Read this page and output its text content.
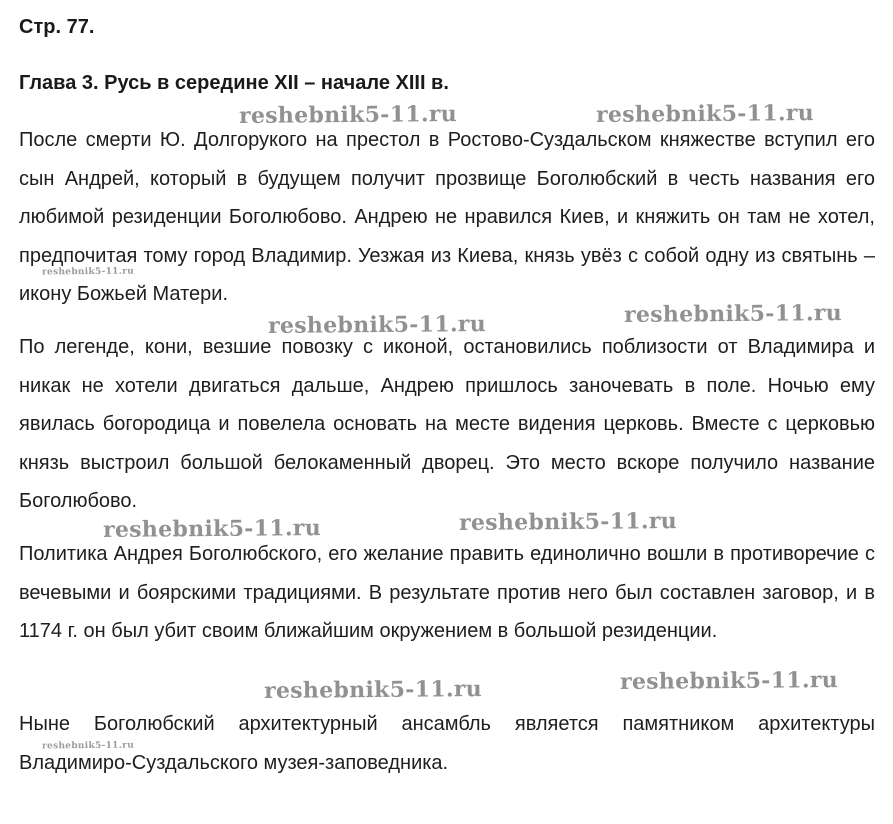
Стр. 77.

Глава 3. Русь в середине XII – начале XIII в.

После смерти Ю. Долгорукого на престол в Ростово-Суздальском княжестве вступил его сын Андрей, который в будущем получит прозвище Боголюбский в честь названия его любимой резиденции Боголюбово. Андрею не нравился Киев, и княжить он там не хотел, предпочитая тому город Владимир. Уезжая из Киева, князь увёз с собой одну из святынь – икону Божьей Матери.

По легенде, кони, везшие повозку с иконой, остановились поблизости от Владимира и никак не хотели двигаться дальше, Андрею пришлось заночевать в поле. Ночью ему явилась богородица и повелела основать на месте видения церковь. Вместе с церковью князь выстроил большой белокаменный дворец. Это место вскоре получило название Боголюбово.

Политика Андрея Боголюбского, его желание править единолично вошли в противоречие с вечевыми и боярскими традициями. В результате против него был составлен заговор, и в 1174 г. он был убит своим ближайшим окружением в большой резиденции.

Ныне Боголюбский архитектурный ансамбль является памятником архитектуры Владимиро-Суздальского музея-заповедника.

reshebnik5-11.ru	reshebnik5-11.ru
reshebnik5-11.ru
reshebnik5-11.ru	reshebnik5-11.ru
reshebnik5-11.ru	reshebnik5-11.ru
reshebnik5-11.ru	reshebnik5-11.ru
reshebnik5-11.ru
